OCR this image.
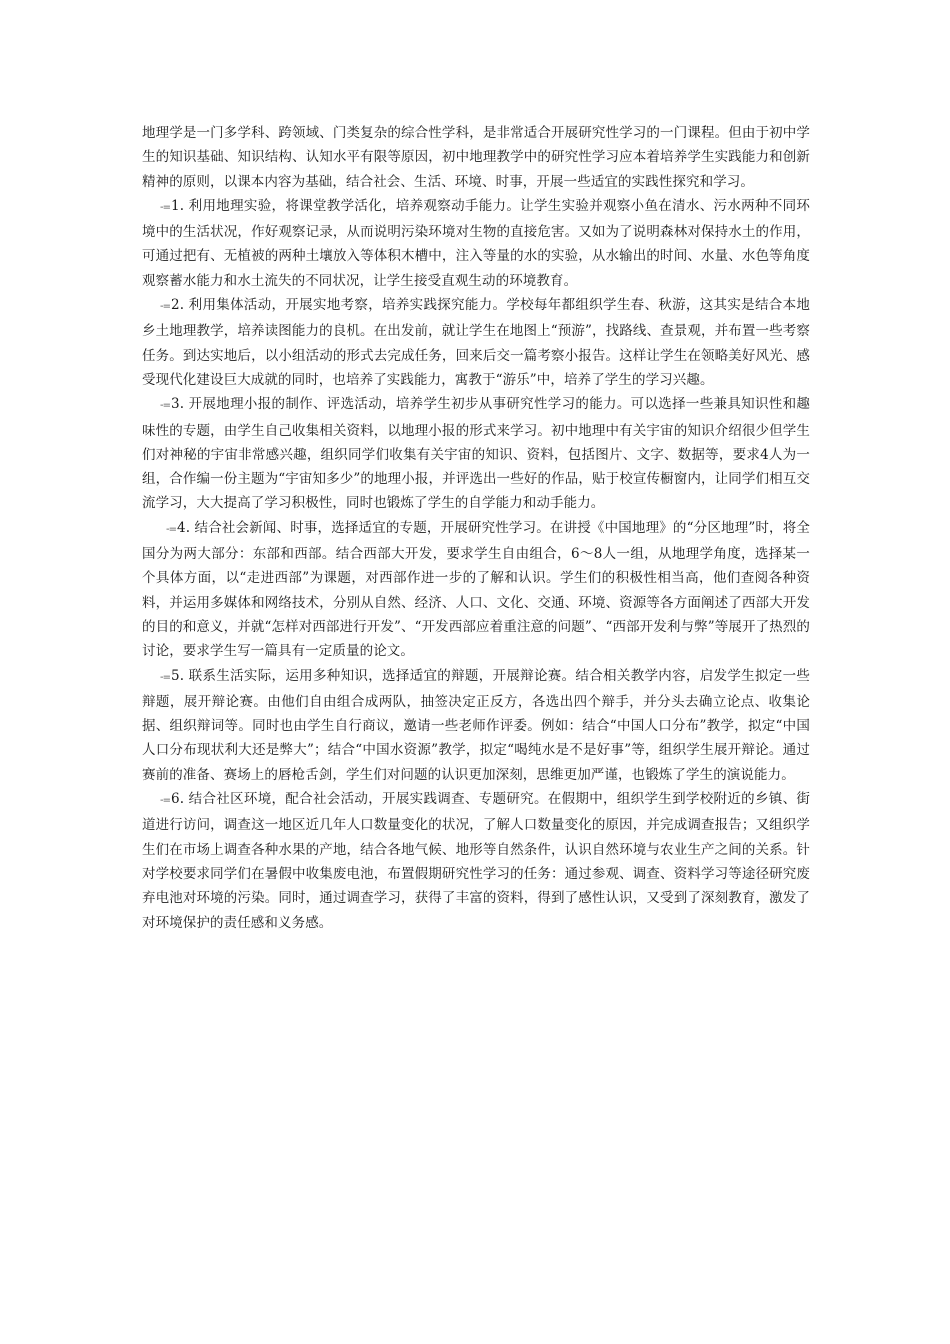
地理学是一门多学科、跨领域、门类复杂的综合性学科，是非常适合开展研究性学习的一门课程。但由于初中学生的知识基础、知识结构、认知水平有限等原因，初中地理教学中的研究性学习应本着培养学生实践能力和创新精神的原则，以课本内容为基础，结合社会、生活、环境、时事，开展一些适宜的实践性探究和学习。

-=1. 利用地理实验，将课堂教学活化，培养观察动手能力。让学生实验并观察小鱼在清水、污水两种不同环境中的生活状况，作好观察记录，从而说明污染环境对生物的直接危害。又如为了说明森林对保持水土的作用，可通过把有、无植被的两种土壤放入等体积木槽中，注入等量的水的实验，从水输出的时间、水量、水色等角度观察蓄水能力和水土流失的不同状况，让学生接受直观生动的环境教育。

-=2. 利用集体活动，开展实地考察，培养实践探究能力。学校每年都组织学生春、秋游，这其实是结合本地乡土地理教学，培养读图能力的良机。在出发前，就让学生在地图上“预游”，找路线、查景观，并布置一些考察任务。到达实地后，以小组活动的形式去完成任务，回来后交一篇考察小报告。这样让学生在领略美好风光、感受现代化建设巨大成就的同时，也培养了实践能力，寓教于“游乐”中，培养了学生的学习兴趣。

-=3. 开展地理小报的制作、评选活动，培养学生初步从事研究性学习的能力。可以选择一些兼具知识性和趣味性的专题，由学生自己收集相关资料，以地理小报的形式来学习。初中地理中有关宇宙的知识介绍很少但学生们对神秘的宇宙非常感兴趣，组织同学们收集有关宇宙的知识、资料，包括图片、文字、数据等，要求4人为一组，合作编一份主题为“宇宙知多少”的地理小报，并评选出一些好的作品，贴于校宣传橱窗内，让同学们相互交流学习，大大提高了学习积极性，同时也锻炼了学生的自学能力和动手能力。

-=4. 结合社会新闻、时事，选择适宜的专题，开展研究性学习。在讲授《中国地理》的“分区地理”时，将全国分为两大部分：东部和西部。结合西部大开发，要求学生自由组合，6～8人一组，从地理学角度，选择某一个具体方面，以“走进西部”为课题，对西部作进一步的了解和认识。学生们的积极性相当高，他们查阅各种资料，并运用多媒体和网络技术，分别从自然、经济、人口、文化、交通、环境、资源等各方面阐述了西部大开发的目的和意义，并就“怎样对西部进行开发”、“开发西部应着重注意的问题”、“西部开发利与弊”等展开了热烈的讨论，要求学生写一篇具有一定质量的论文。

-=5. 联系生活实际，运用多种知识，选择适宜的辩题，开展辩论赛。结合相关教学内容，启发学生拟定一些辩题，展开辩论赛。由他们自由组合成两队，抽签决定正反方，各选出四个辩手，并分头去确立论点、收集论据、组织辩词等。同时也由学生自行商议，邀请一些老师作评委。例如：结合“中国人口分布”教学，拟定“中国人口分布现状利大还是弊大”；结合“中国水资源”教学，拟定“喝纯水是不是好事”等，组织学生展开辩论。通过赛前的准备、赛场上的唇枪舌剑，学生们对问题的认识更加深刻，思维更加严谨，也锻炼了学生的演说能力。

-=6. 结合社区环境，配合社会活动，开展实践调查、专题研究。在假期中，组织学生到学校附近的乡镇、街道进行访问，调查这一地区近几年人口数量变化的状况，了解人口数量变化的原因，并完成调查报告；又组织学生们在市场上调查各种水果的产地，结合各地气候、地形等自然条件，认识自然环境与农业生产之间的关系。针对学校要求同学们在暑假中收集废电池，布置假期研究性学习的任务：通过参观、调查、资料学习等途径研究废弃电池对环境的污染。同时，通过调查学习，获得了丰富的资料，得到了感性认识，又受到了深刻教育，激发了对环境保护的责任感和义务感。
